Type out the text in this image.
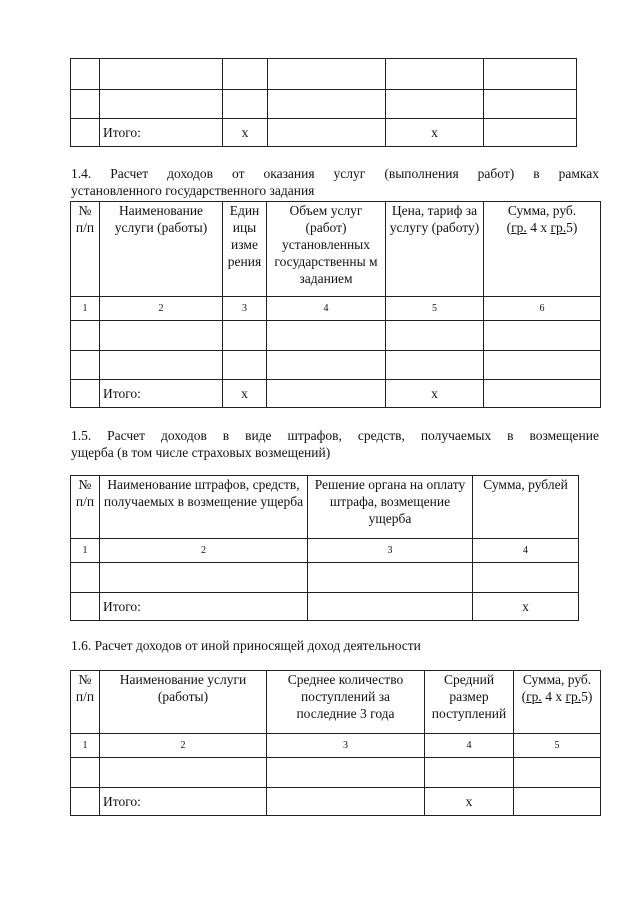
	Итого:	x		x	
1.4. Расчет доходов от оказания услуг (выполнения работ) в рамках
установленного государственного задания
№ п/п	Наименование услуги (работы)	Един ицы изме рения	Объем услуг (работ) установленных государственны м заданием	Цена, тариф за услугу (работу)	Сумма, руб.
(гр. 4 х гр.5)
1	2	3	4	5	6

	Итого:	x		x	
1.5. Расчет доходов в виде штрафов, средств, получаемых в возмещение
ущерба (в том числе страховых возмещений)
№ п/п	Наименование штрафов, средств, получаемых в возмещение ущерба	Решение органа на оплату штрафа, возмещение ущерба	Сумма, рублей
1	2	3	4

	Итого:		x
1.6. Расчет доходов от иной приносящей доход деятельности
№ п/п	Наименование услуги (работы)	Среднее количество поступлений за последние 3 года	Средний размер поступлений	Сумма, руб.
(гр. 4 х гр.5)
1	2	3	4	5

	Итого:		x	
